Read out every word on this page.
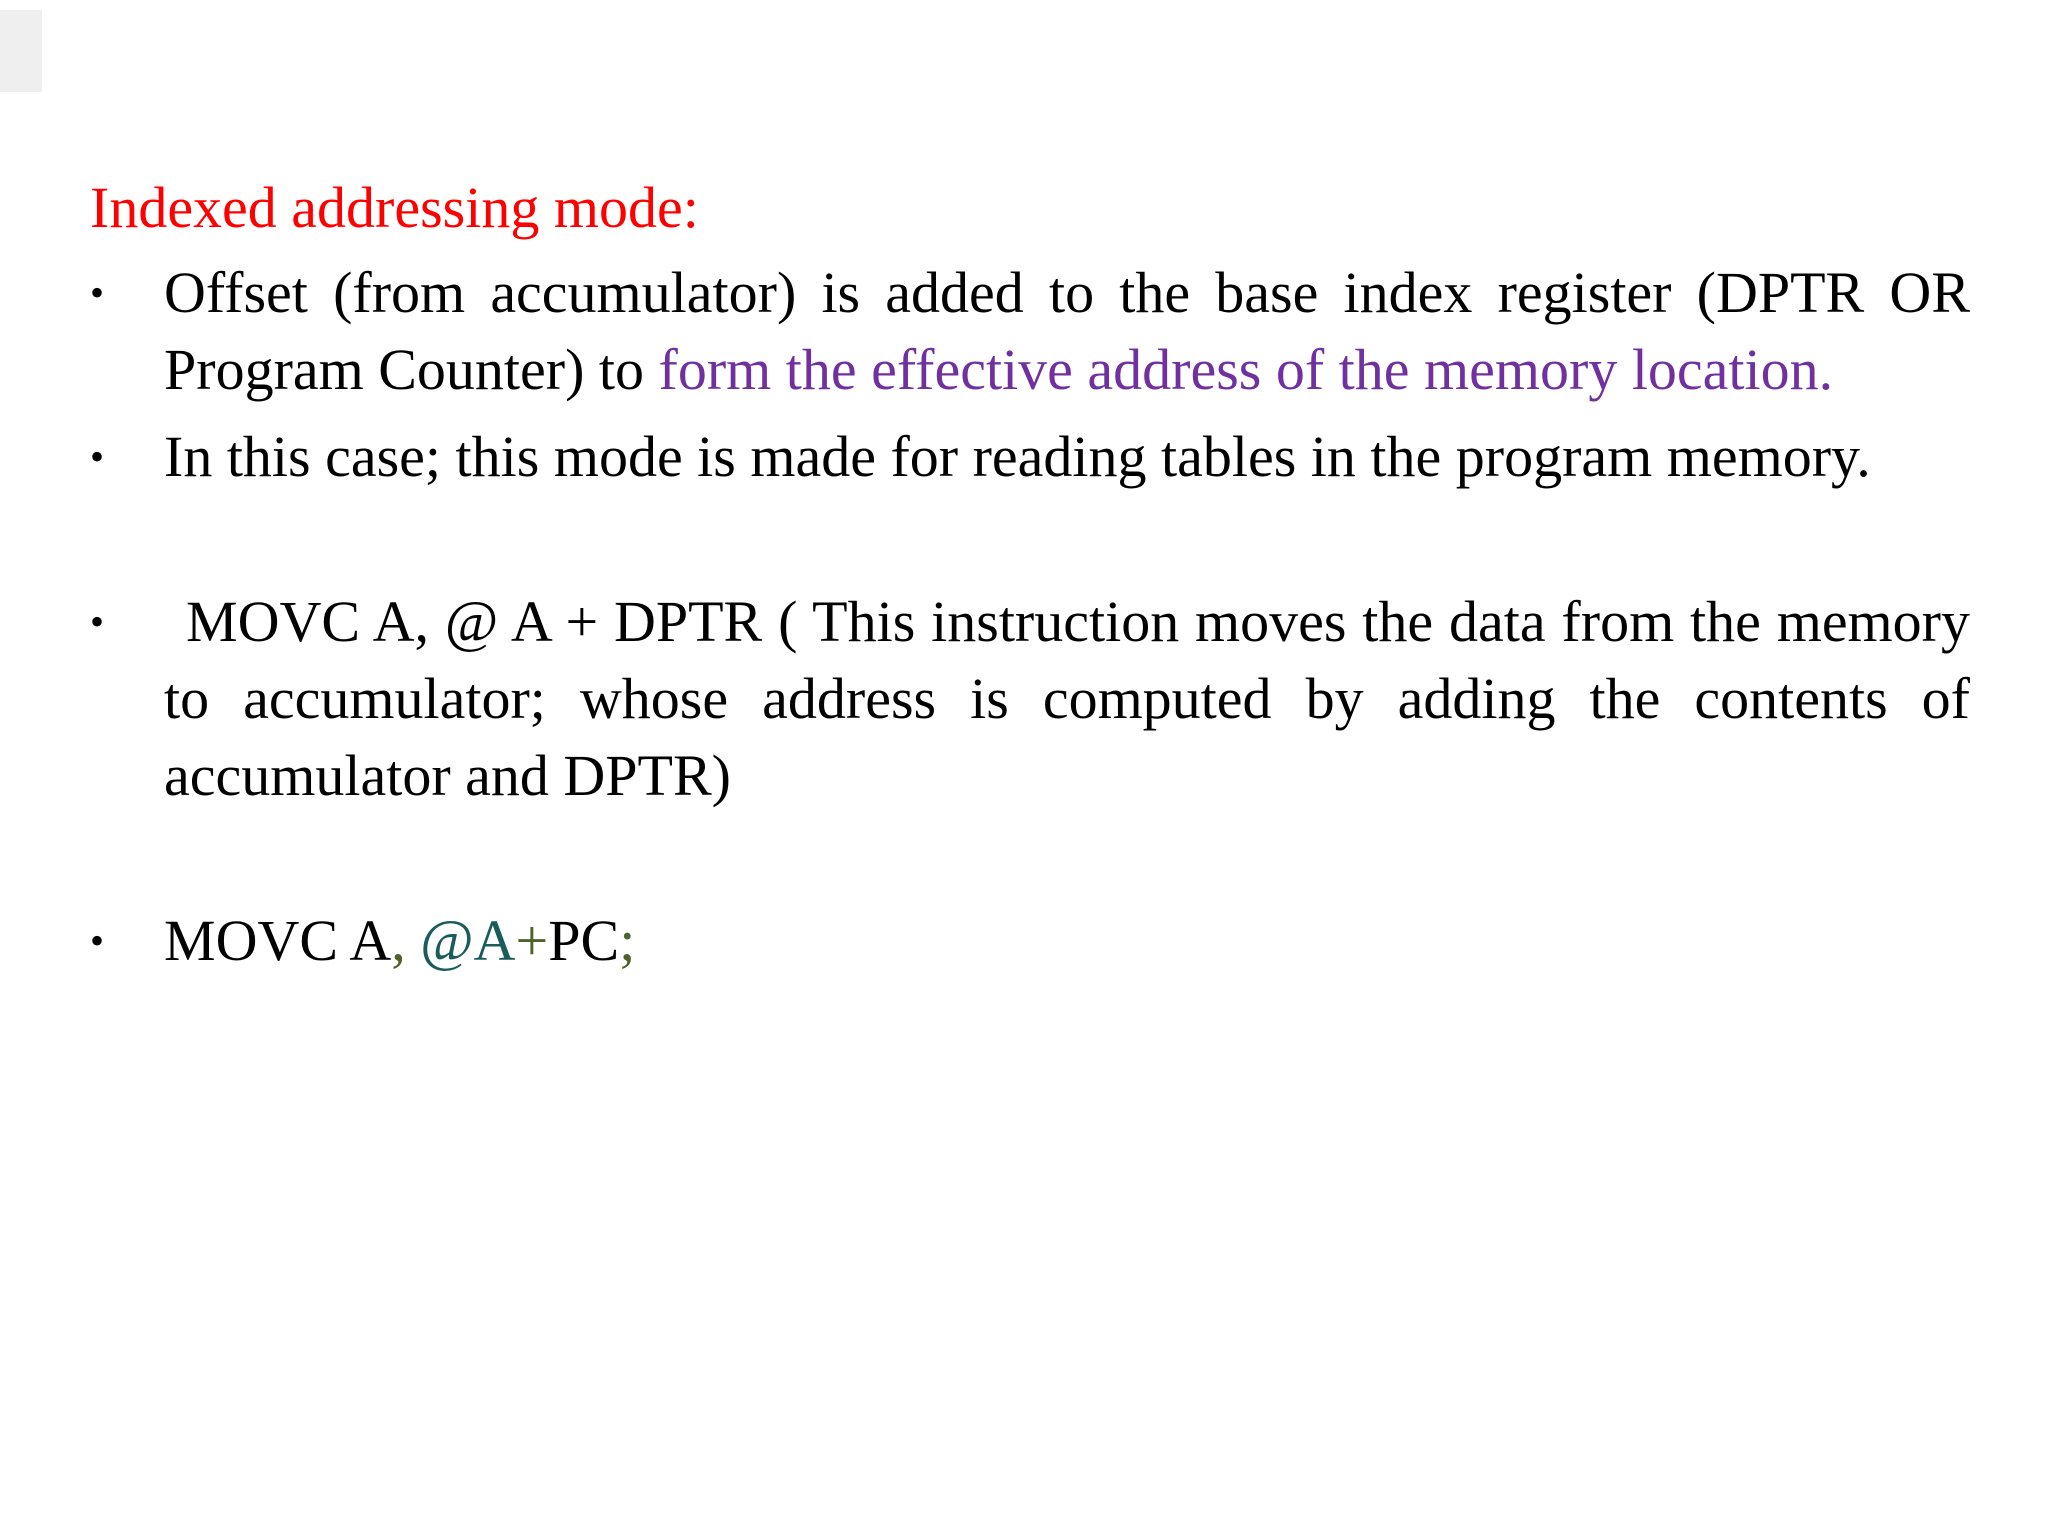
Indexed addressing mode:
• Offset (from accumulator) is added to the base index register (DPTR OR Program Counter) to form the effective address of the memory location.
• In this case; this mode is made for reading tables in the program memory.
• MOVC A, @ A + DPTR ( This instruction moves the data from the memory to accumulator; whose address is computed by adding the contents of accumulator and DPTR)
• MOVC A, @A+PC;
